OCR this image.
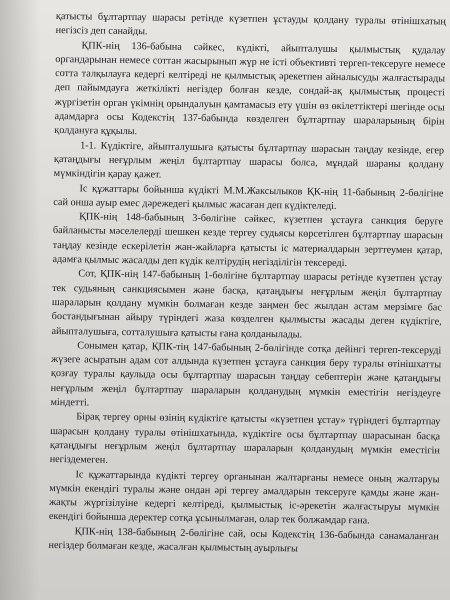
қатысты бұлтартпау шарасы ретінде күзетпен ұстауды қолдану туралы өтінішхатың негізсіз деп санайды.

ҚПК-нің 136-бабына сәйкес, күдікті, айыпталушы қылмыстық қудалау органдарынан немесе соттан жасырынып жүр не істі объективті тергеп-тексеруге немесе сотта талқылауға кедергі келтіреді не қылмыстық әрекетпен айналысуды жалғастырады деп пайымдауға жеткілікті негіздер болған кезде, сондай-ақ қылмыстық процесті жүргізетін орган үкімнің орындалуын қамтамасыз ету үшін өз өкілеттіктері шегінде осы адамдарға осы Кодекстің 137-бабында көзделген бұлтартпау шараларының бірін қолдануға құқылы.

1-1. Күдіктіге, айыпталушыға қатысты бұлтартпау шарасын таңдау кезінде, егер қатаңдығы неғұрлым жеңіл бұлтартпау шарасы болса, мұндай шараны қолдану мүмкіндігін қарау қажет.

Іс құжаттары бойынша күдікті М.М.Жаксылыков ҚК-нің 11-бабының 2-бөлігіне сай онша ауыр емес дәрежедегі қылмыс жасаған деп күдіктеледі.

ҚПК-нің 148-бабының 3-бөлігіне сәйкес, күзетпен ұстауға санкция беруге байланысты мәселелерді шешкен кезде тергеу судьясы көрсетілген бұлтартпау шарасын таңдау кезінде ескерілетін жан-жайларға қатысты іс материалдарын зерттеумен қатар, адамға қылмыс жасалды деп күдік келтірудің негізділігін тексереді.

Сот, ҚПК-нің 147-бабының 1-бөлігіне бұлтартпау шарасы ретінде күзетпен ұстау тек судьяның санкциясымен және басқа, қатаңдығы неғұрлым жеңіл бұлтартпау шараларын қолдану мүмкін болмаған кезде заңмен бес жылдан астам мерзімге бас бостандығынан айыру түріндегі жаза көзделген қылмысты жасады деген күдіктіге, айыпталушыға, сотталушыға қатысты ғана қолданылады.

Сонымен қатар, ҚПК-тің 147-бабының 2-бөлігінде сотқа дейінгі тергеп-тексеруді жүзеге асыратын адам сот алдында күзетпен ұстауға санкция беру туралы өтінішхатты қозғау туралы қаулыда осы бұлтартпау шарасын таңдау себептерін және қатаңдығы неғұрлым жеңіл бұлтартпау шараларын қолданудың мүмкін еместігін негіздеуге міндетті.

Бірақ тергеу орны өзінің күдіктіге қатысты «күзетпен ұстау» түріндегі бұлтартпау шарасын қолдану туралы өтінішхатында, күдіктіге осы бұлтартпау шарасынан басқа қатаңдығы неғұрлым жеңіл бұлтартпау шараларын қолданудың мүмкін еместігін негіздемеген.

Іс құжаттарында күдікті тергеу органынан жалтарғаны немесе оның жалтаруы мүмкін екендігі туралы және ондан әрі тергеу амалдарын тексеруге қамды және жан-жақты жүргізілуіне кедергі келтіреді, қылмыстық іс-әрекетін жалғастыруы мүмкін екендігі бойынша деректер сотқа ұсынылмаған, олар тек болжамдар ғана.

ҚПК-нің 138-бабының 2-бөлігіне сай, осы Кодекстің 136-бабында санамаланған негіздер болмаған кезде, жасалған қылмыстың ауырлығы
